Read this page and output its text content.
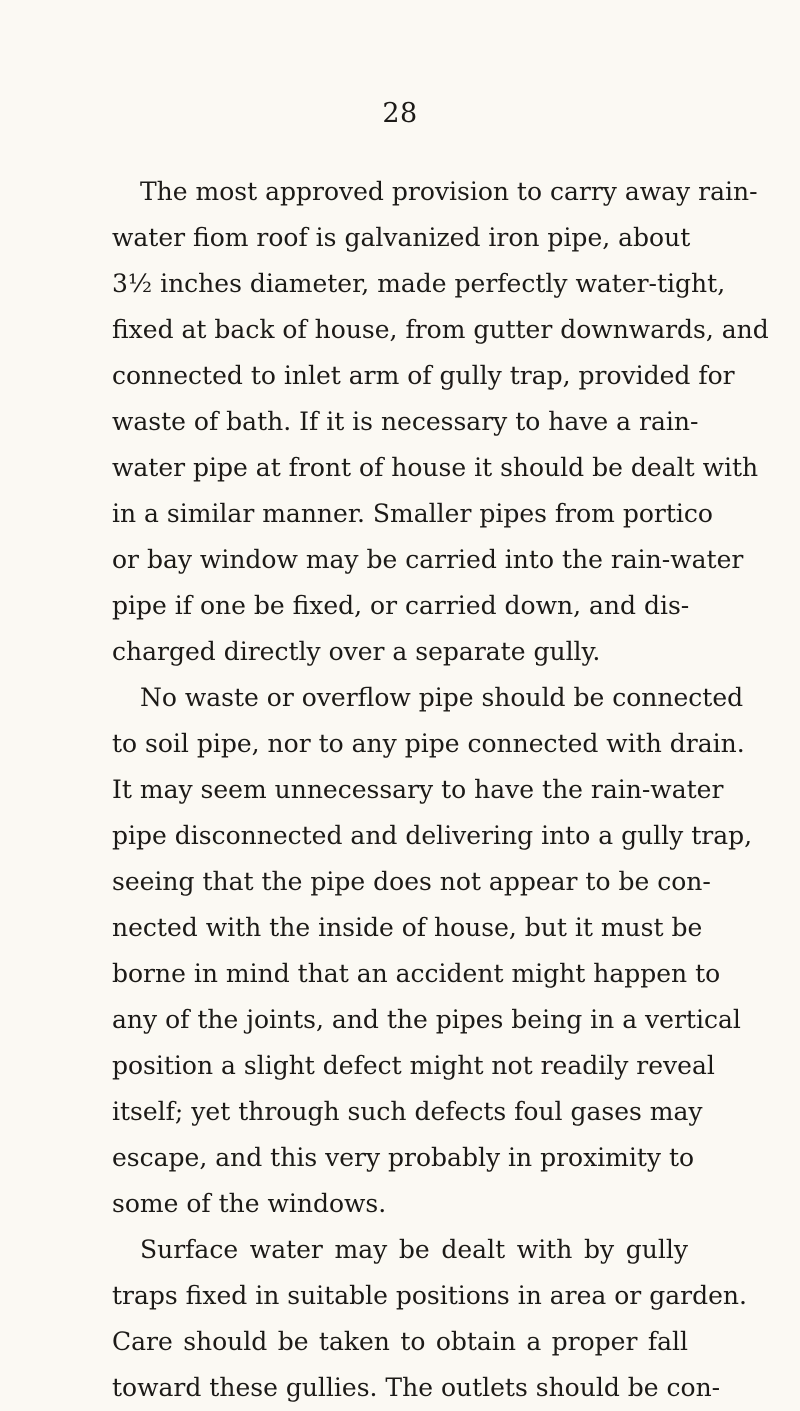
28
The most approved provision to carry away rain-
water fiom roof is galvanized iron pipe, about
3½ inches diameter, made perfectly water-tight,
fixed at back of house, from gutter downwards, and
connected to inlet arm of gully trap, provided for
waste of bath. If it is necessary to have a rain-
water pipe at front of house it should be dealt with
in a similar manner. Smaller pipes from portico
or bay window may be carried into the rain-water
pipe if one be fixed, or carried down, and dis-
charged directly over a separate gully.
No waste or overflow pipe should be connected
to soil pipe, nor to any pipe connected with drain.
It may seem unnecessary to have the rain-water
pipe disconnected and delivering into a gully trap,
seeing that the pipe does not appear to be con-
nected with the inside of house, but it must be
borne in mind that an accident might happen to
any of the joints, and the pipes being in a vertical
position a slight defect might not readily reveal
itself; yet through such defects foul gases may
escape, and this very probably in proximity to
some of the windows.
Surface water may be dealt with by gully
traps fixed in suitable positions in area or garden.
Care should be taken to obtain a proper fall
toward these gullies. The outlets should be con-
